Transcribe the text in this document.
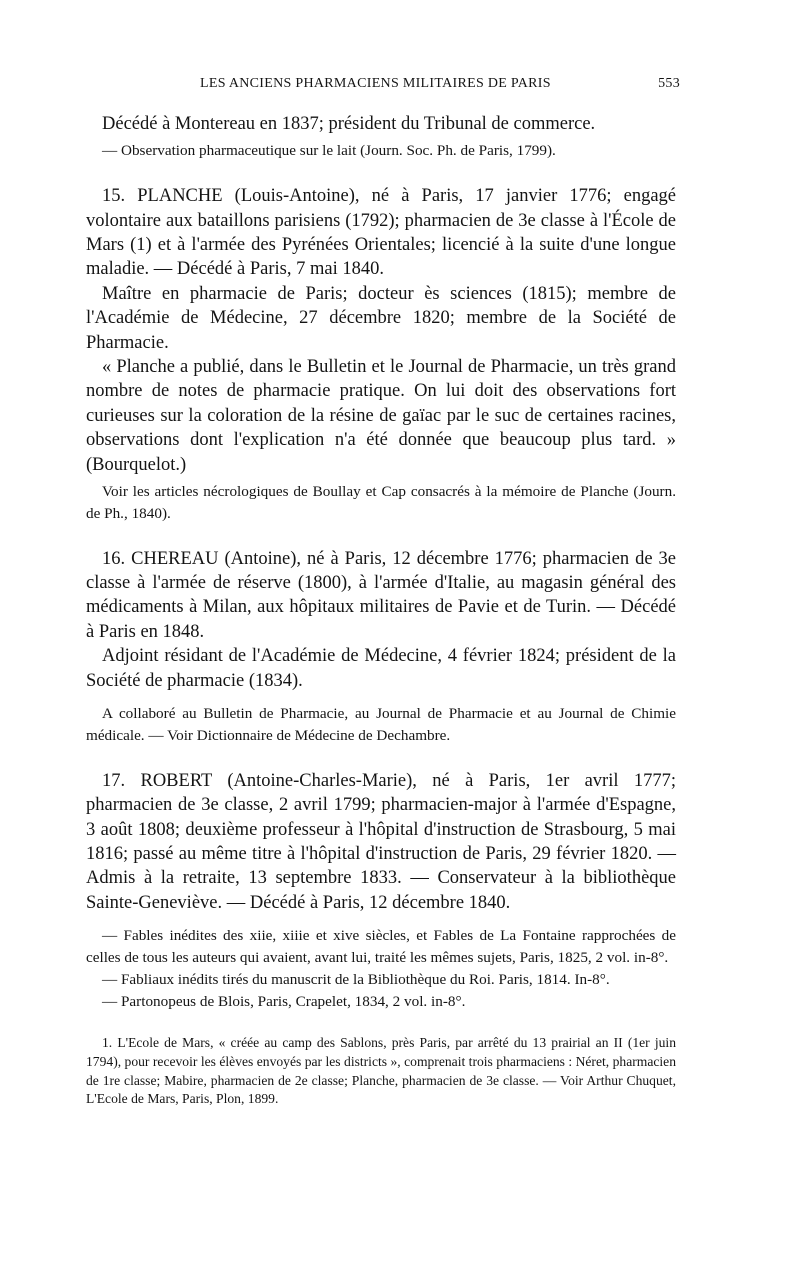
LES ANCIENS PHARMACIENS MILITAIRES DE PARIS	553

Décédé à Montereau en 1837; président du Tribunal de commerce.

— Observation pharmaceutique sur le lait (Journ. Soc. Ph. de Paris, 1799).

15. PLANCHE (Louis-Antoine), né à Paris, 17 janvier 1776; engagé volontaire aux bataillons parisiens (1792); pharmacien de 3e classe à l'École de Mars (1) et à l'armée des Pyrénées Orientales; licencié à la suite d'une longue maladie. — Décédé à Paris, 7 mai 1840.

Maître en pharmacie de Paris; docteur ès sciences (1815); membre de l'Académie de Médecine, 27 décembre 1820; membre de la Société de Pharmacie.

« Planche a publié, dans le Bulletin et le Journal de Pharmacie, un très grand nombre de notes de pharmacie pratique. On lui doit des observations fort curieuses sur la coloration de la résine de gaïac par le suc de certaines racines, observations dont l'explication n'a été donnée que beaucoup plus tard. » (Bourquelot.)

Voir les articles nécrologiques de Boullay et Cap consacrés à la mémoire de Planche (Journ. de Ph., 1840).

16. CHEREAU (Antoine), né à Paris, 12 décembre 1776; pharmacien de 3e classe à l'armée de réserve (1800), à l'armée d'Italie, au magasin général des médicaments à Milan, aux hôpitaux militaires de Pavie et de Turin. — Décédé à Paris en 1848.

Adjoint résidant de l'Académie de Médecine, 4 février 1824; président de la Société de pharmacie (1834).

A collaboré au Bulletin de Pharmacie, au Journal de Pharmacie et au Journal de Chimie médicale. — Voir Dictionnaire de Médecine de Dechambre.

17. ROBERT (Antoine-Charles-Marie), né à Paris, 1er avril 1777; pharmacien de 3e classe, 2 avril 1799; pharmacien-major à l'armée d'Espagne, 3 août 1808; deuxième professeur à l'hôpital d'instruction de Strasbourg, 5 mai 1816; passé au même titre à l'hôpital d'instruction de Paris, 29 février 1820. — Admis à la retraite, 13 septembre 1833. — Conservateur à la bibliothèque Sainte-Geneviève. — Décédé à Paris, 12 décembre 1840.

— Fables inédites des xiie, xiiie et xive siècles, et Fables de La Fontaine rapprochées de celles de tous les auteurs qui avaient, avant lui, traité les mêmes sujets, Paris, 1825, 2 vol. in-8°.

— Fabliaux inédits tirés du manuscrit de la Bibliothèque du Roi. Paris, 1814. In-8°.

— Partonopeus de Blois, Paris, Crapelet, 1834, 2 vol. in-8°.

1. L'Ecole de Mars, « créée au camp des Sablons, près Paris, par arrêté du 13 prairial an II (1er juin 1794), pour recevoir les élèves envoyés par les districts », comprenait trois pharmaciens : Néret, pharmacien de 1re classe; Mabire, pharmacien de 2e classe; Planche, pharmacien de 3e classe. — Voir Arthur Chuquet, L'Ecole de Mars, Paris, Plon, 1899.
